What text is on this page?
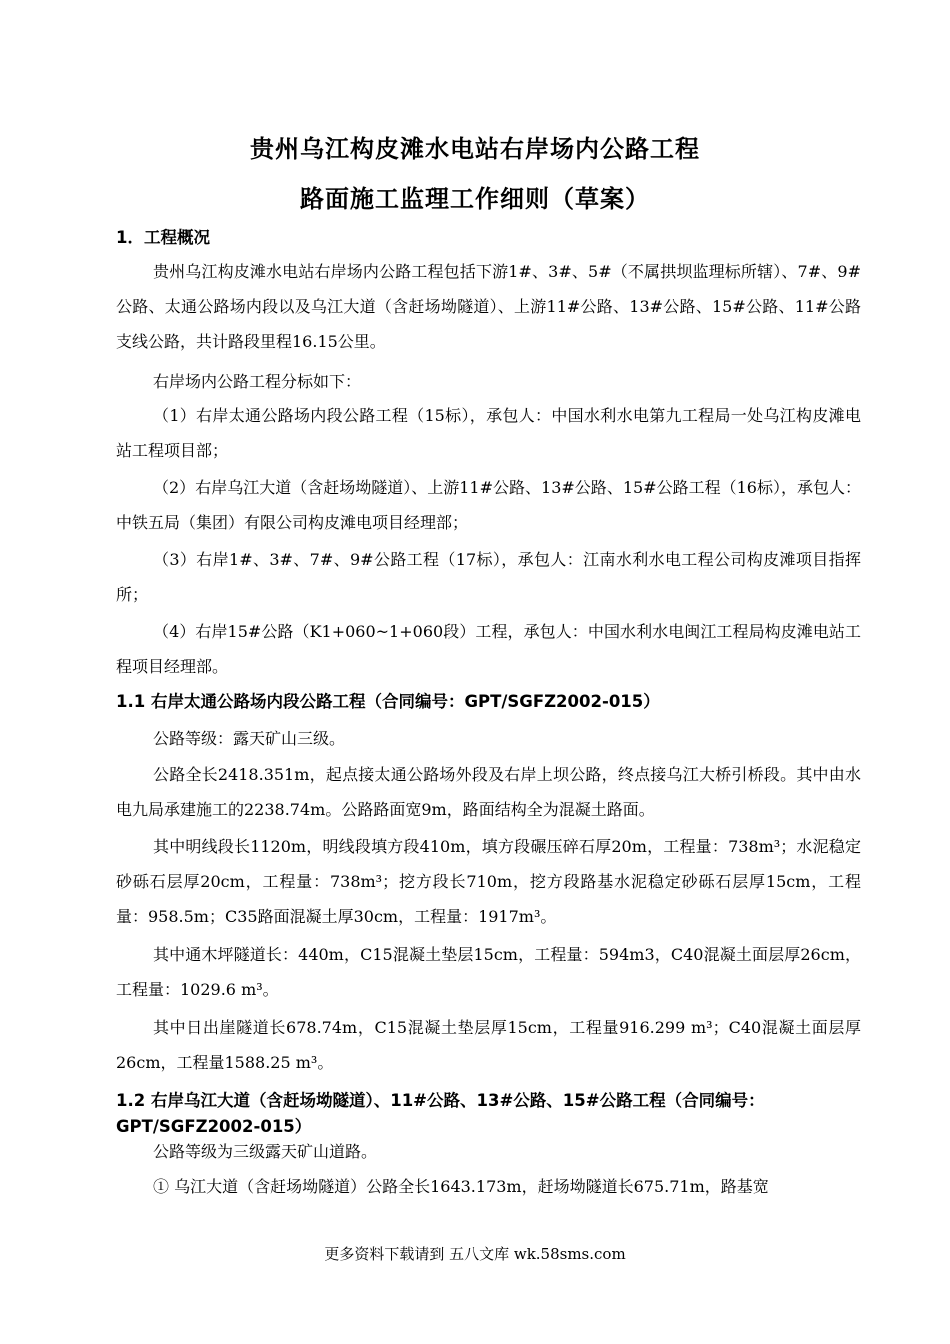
贵州乌江构皮滩水电站右岸场内公路工程
路面施工监理工作细则（草案）
1．工程概况
贵州乌江构皮滩水电站右岸场内公路工程包括下游1#、3#、5#（不属拱坝监理标所辖）、7#、9#公路、太通公路场内段以及乌江大道（含赶场坳隧道）、上游11#公路、13#公路、15#公路、11#公路支线公路，共计路段里程16.15公里。
右岸场内公路工程分标如下：
（1）右岸太通公路场内段公路工程（15标），承包人：中国水利水电第九工程局一处乌江构皮滩电站工程项目部；
（2）右岸乌江大道（含赶场坳隧道）、上游11#公路、13#公路、15#公路工程（16标），承包人：中铁五局（集团）有限公司构皮滩电项目经理部；
（3）右岸1#、3#、7#、9#公路工程（17标），承包人：江南水利水电工程公司构皮滩项目指挥所；
（4）右岸15#公路（K1+060~1+060段）工程，承包人：中国水利水电闽江工程局构皮滩电站工程项目经理部。
1.1 右岸太通公路场内段公路工程（合同编号：GPT/SGFZ2002-015）
公路等级：露天矿山三级。
公路全长2418.351m，起点接太通公路场外段及右岸上坝公路，终点接乌江大桥引桥段。其中由水电九局承建施工的2238.74m。公路路面宽9m，路面结构全为混凝土路面。
其中明线段长1120m，明线段填方段410m，填方段碾压碎石厚20m，工程量：738m³；水泥稳定砂砾石层厚20cm，工程量：738m³；挖方段长710m，挖方段路基水泥稳定砂砾石层厚15cm，工程量：958.5m；C35路面混凝土厚30cm，工程量：1917m³。
其中通木坪隧道长：440m，C15混凝土垫层15cm，工程量：594m3，C40混凝土面层厚26cm，工程量：1029.6 m³。
其中日出崖隧道长678.74m，C15混凝土垫层厚15cm，工程量916.299 m³；C40混凝土面层厚26cm，工程量1588.25 m³。
1.2 右岸乌江大道（含赶场坳隧道）、11#公路、13#公路、15#公路工程（合同编号：GPT/SGFZ2002-015）
公路等级为三级露天矿山道路。
① 乌江大道（含赶场坳隧道）公路全长1643.173m，赶场坳隧道长675.71m，路基宽
更多资料下载请到 五八文库 wk.58sms.com
